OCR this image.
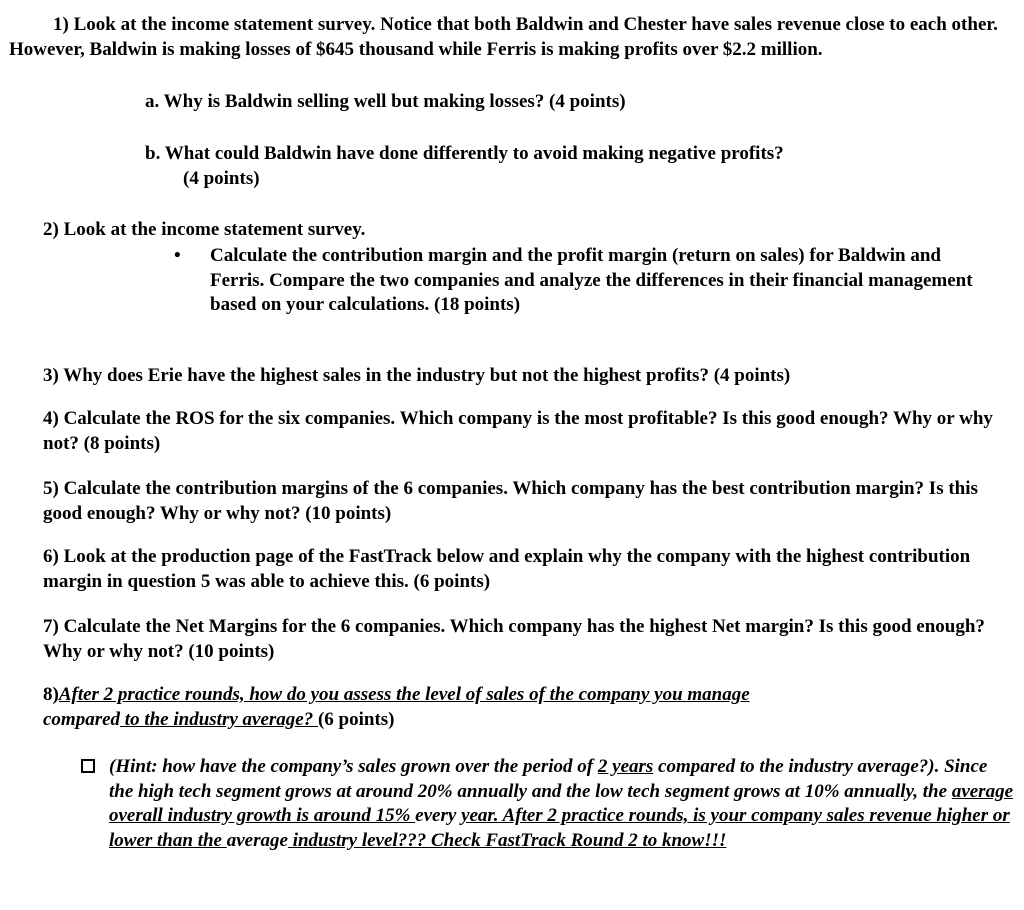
1) Look at the income statement survey. Notice that both Baldwin and Chester have sales revenue close to each other. However, Baldwin is making losses of $645 thousand while Ferris is making profits over $2.2 million.
a. Why is Baldwin selling well but making losses? (4 points)
b. What could Baldwin have done differently to avoid making negative profits?
(4 points)
2) Look at the income statement survey.
•	Calculate the contribution margin and the profit margin (return on sales) for Baldwin and Ferris. Compare the two companies and analyze the differences in their financial management based on your calculations. (18 points)
3) Why does Erie have the highest sales in the industry but not the highest profits? (4 points)
4) Calculate the ROS for the six companies. Which company is the most profitable? Is this good enough? Why or why not? (8 points)
5) Calculate the contribution margins of the 6 companies. Which company has the best contribution margin? Is this good enough? Why or why not? (10 points)
6) Look at the production page of the FastTrack below and explain why the company with the highest contribution margin in question 5 was able to achieve this. (6 points)
7) Calculate the Net Margins for the 6 companies. Which company has the highest Net margin? Is this good enough? Why or why not? (10 points)
8)After 2 practice rounds, how do you assess the level of sales of the company you manage
compared to the industry average? (6 points)
(Hint: how have the company’s sales grown over the period of 2 years compared to the industry average?). Since the high tech segment grows at around 20% annually and the low tech segment grows at 10% annually, the average overall industry growth is around 15% every year. After 2 practice rounds, is your company sales revenue higher or lower than the average industry level??? Check FastTrack Round 2 to know!!!
